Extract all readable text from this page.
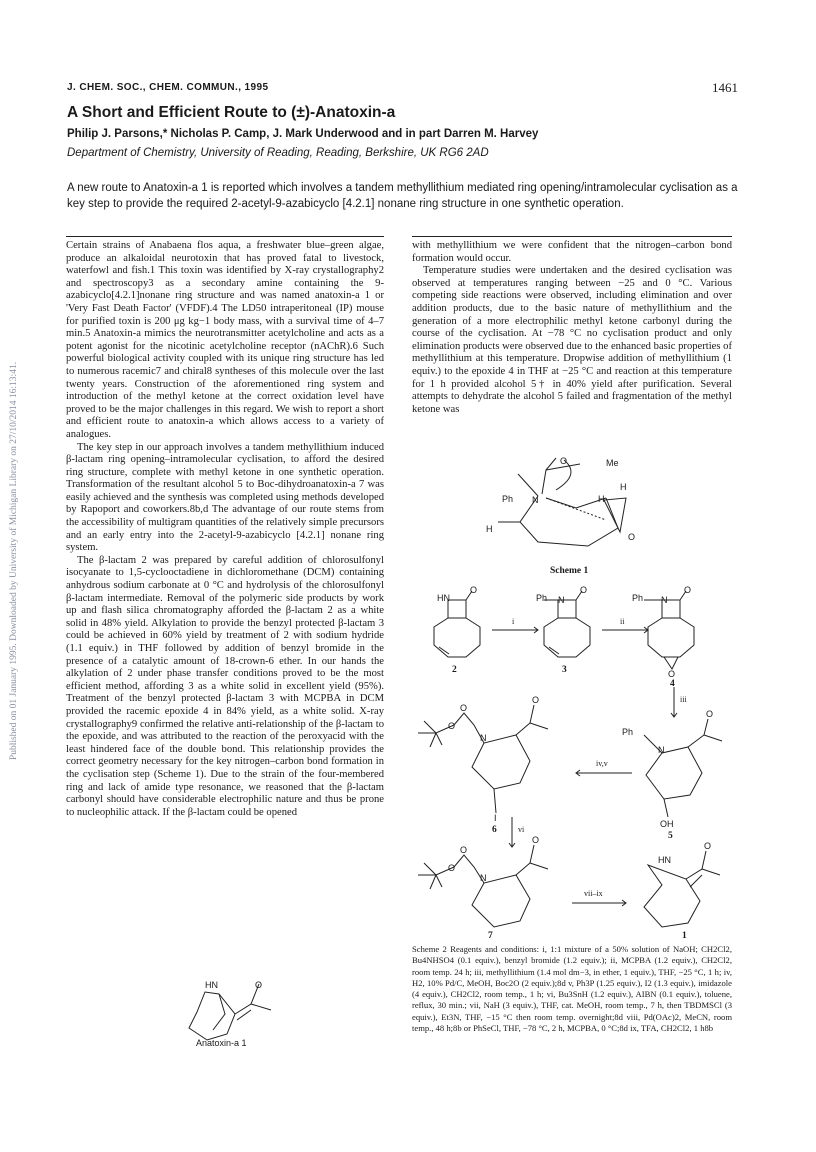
Published on 01 January 1995. Downloaded by University of Michigan Library on 27/10/2014 16:13:41.
J. CHEM. SOC., CHEM. COMMUN., 1995	1461
A Short and Efficient Route to (±)-Anatoxin-a
Philip J. Parsons,* Nicholas P. Camp, J. Mark Underwood and in part Darren M. Harvey
Department of Chemistry, University of Reading, Reading, Berkshire, UK RG6 2AD
A new route to Anatoxin-a 1 is reported which involves a tandem methyllithium mediated ring opening/intramolecular cyclisation as a key step to provide the required 2-acetyl-9-azabicyclo [4.2.1] nonane ring structure in one synthetic operation.

Certain strains of Anabaena flos aqua, a freshwater blue–green algae, produce an alkaloidal neurotoxin that has proved fatal to livestock, waterfowl and fish.1 This toxin was identified by X-ray crystallography2 and spectroscopy3 as a secondary amine containing the 9-azabicyclo[4.2.1]nonane ring structure and was named anatoxin-a 1 or 'Very Fast Death Factor' (VFDF).4 The LD50 intraperitoneal (IP) mouse for purified toxin is 200 μg kg−1 body mass, with a survival time of 4–7 min.5 Anatoxin-a mimics the neurotransmitter acetylcholine and acts as a potent agonist for the nicotinic acetylcholine receptor (nAChR).6 Such powerful biological activity coupled with its unique ring structure has led to numerous racemic7 and chiral8 syntheses of this molecule over the last twenty years. Construction of the aforementioned ring system and introduction of the methyl ketone at the correct oxidation level have proved to be the major challenges in this regard. We wish to report a short and efficient route to anatoxin-a which allows access to a variety of analogues.

The key step in our approach involves a tandem methyllithium induced β-lactam ring opening–intramolecular cyclisation, to afford the desired ring structure, complete with methyl ketone in one synthetic operation. Transformation of the resultant alcohol 5 to Boc-dihydroanatoxin-a 7 was easily achieved and the synthesis was completed using methods developed by Rapoport and coworkers.8b,d The advantage of our route stems from the accessibility of multigram quantities of the relatively simple precursors and an early entry into the 2-acetyl-9-azabicyclo [4.2.1] nonane ring system.

The β-lactam 2 was prepared by careful addition of chlorosulfonyl isocyanate to 1,5-cyclooctadiene in dichloromethane (DCM) containing anhydrous sodium carbonate at 0 °C and hydrolysis of the chlorosulfonyl β-lactam intermediate. Removal of the polymeric side products by work up and flash silica chromatography afforded the β-lactam 2 as a white solid in 48% yield. Alkylation to provide the benzyl protected β-lactam 3 could be achieved in 60% yield by treatment of 2 with sodium hydride (1.1 equiv.) in THF followed by addition of benzyl bromide in the presence of a catalytic amount of 18-crown-6 ether. In our hands the alkylation of 2 under phase transfer conditions proved to be the most efficient method, affording 3 as a white solid in excellent yield (95%). Treatment of the benzyl protected β-lactam 3 with MCPBA in DCM provided the racemic epoxide 4 in 84% yield, as a white solid. X-ray crystallography9 confirmed the relative anti-relationship of the β-lactam to the epoxide, and was attributed to the reaction of the peroxyacid with the least hindered face of the double bond. This relationship provides the correct geometry necessary for the key nitrogen–carbon bond formation in the cyclisation step (Scheme 1). Due to the strain of the four-membered ring and lack of amide type resonance, we reasoned that the β-lactam carbonyl should have considerable electrophilic nature and thus be prone to nucleophilic attack. If the β-lactam could be opened

with methyllithium we were confident that the nitrogen–carbon bond formation would occur.

Temperature studies were undertaken and the desired cyclisation was observed at temperatures ranging between −25 and 0 °C. Various competing side reactions were observed, including elimination and over addition products, due to the basic nature of methyllithium and the generation of a more electrophilic methyl ketone carbonyl during the course of the cyclisation. At −78 °C no cyclisation product and only elimination products were observed due to the enhanced basic properties of methyllithium at this temperature. Dropwise addition of methyllithium (1 equiv.) to the epoxide 4 in THF at −25 °C and reaction at this temperature for 1 h provided alcohol 5† in 40% yield after purification. Several attempts to dehydrate the alcohol 5 failed and fragmentation of the methyl ketone was

HN	O
Anatoxin-a 1
O	Me
Ph N
H
H
H
O
Scheme 1
HN
O
2
Ph N
O
3
i	ii
Ph N
O
O
4
iii
Ph
N
O
OH
5
iv,v
O
O
N
O
I
6	vi
O
O
N
O
7
vii–ix
HN
O
1
Scheme 2 Reagents and conditions: i, 1:1 mixture of a 50% solution of NaOH; CH2Cl2, Bu4NHSO4 (0.1 equiv.), benzyl bromide (1.2 equiv.); ii, MCPBA (1.2 equiv.), CH2Cl2, room temp. 24 h; iii, methyllithium (1.4 mol dm−3, in ether, 1 equiv.), THF, −25 °C, 1 h; iv, H2, 10% Pd/C, MeOH, Boc2O (2 equiv.);8d v, Ph3P (1.25 equiv.), I2 (1.3 equiv.), imidazole (4 equiv.), CH2Cl2, room temp., 1 h; vi, Bu3SnH (1.2 equiv.), AIBN (0.1 equiv.), toluene, reflux, 30 min.; vii, NaH (3 equiv.), THF, cat. MeOH, room temp., 7 h, then TBDMSCl (3 equiv.), Et3N, THF, −15 °C then room temp. overnight;8d viii, Pd(OAc)2, MeCN, room temp., 48 h;8b or PhSeCl, THF, −78 °C, 2 h, MCPBA, 0 °C;8d ix, TFA, CH2Cl2, 1 h8b
